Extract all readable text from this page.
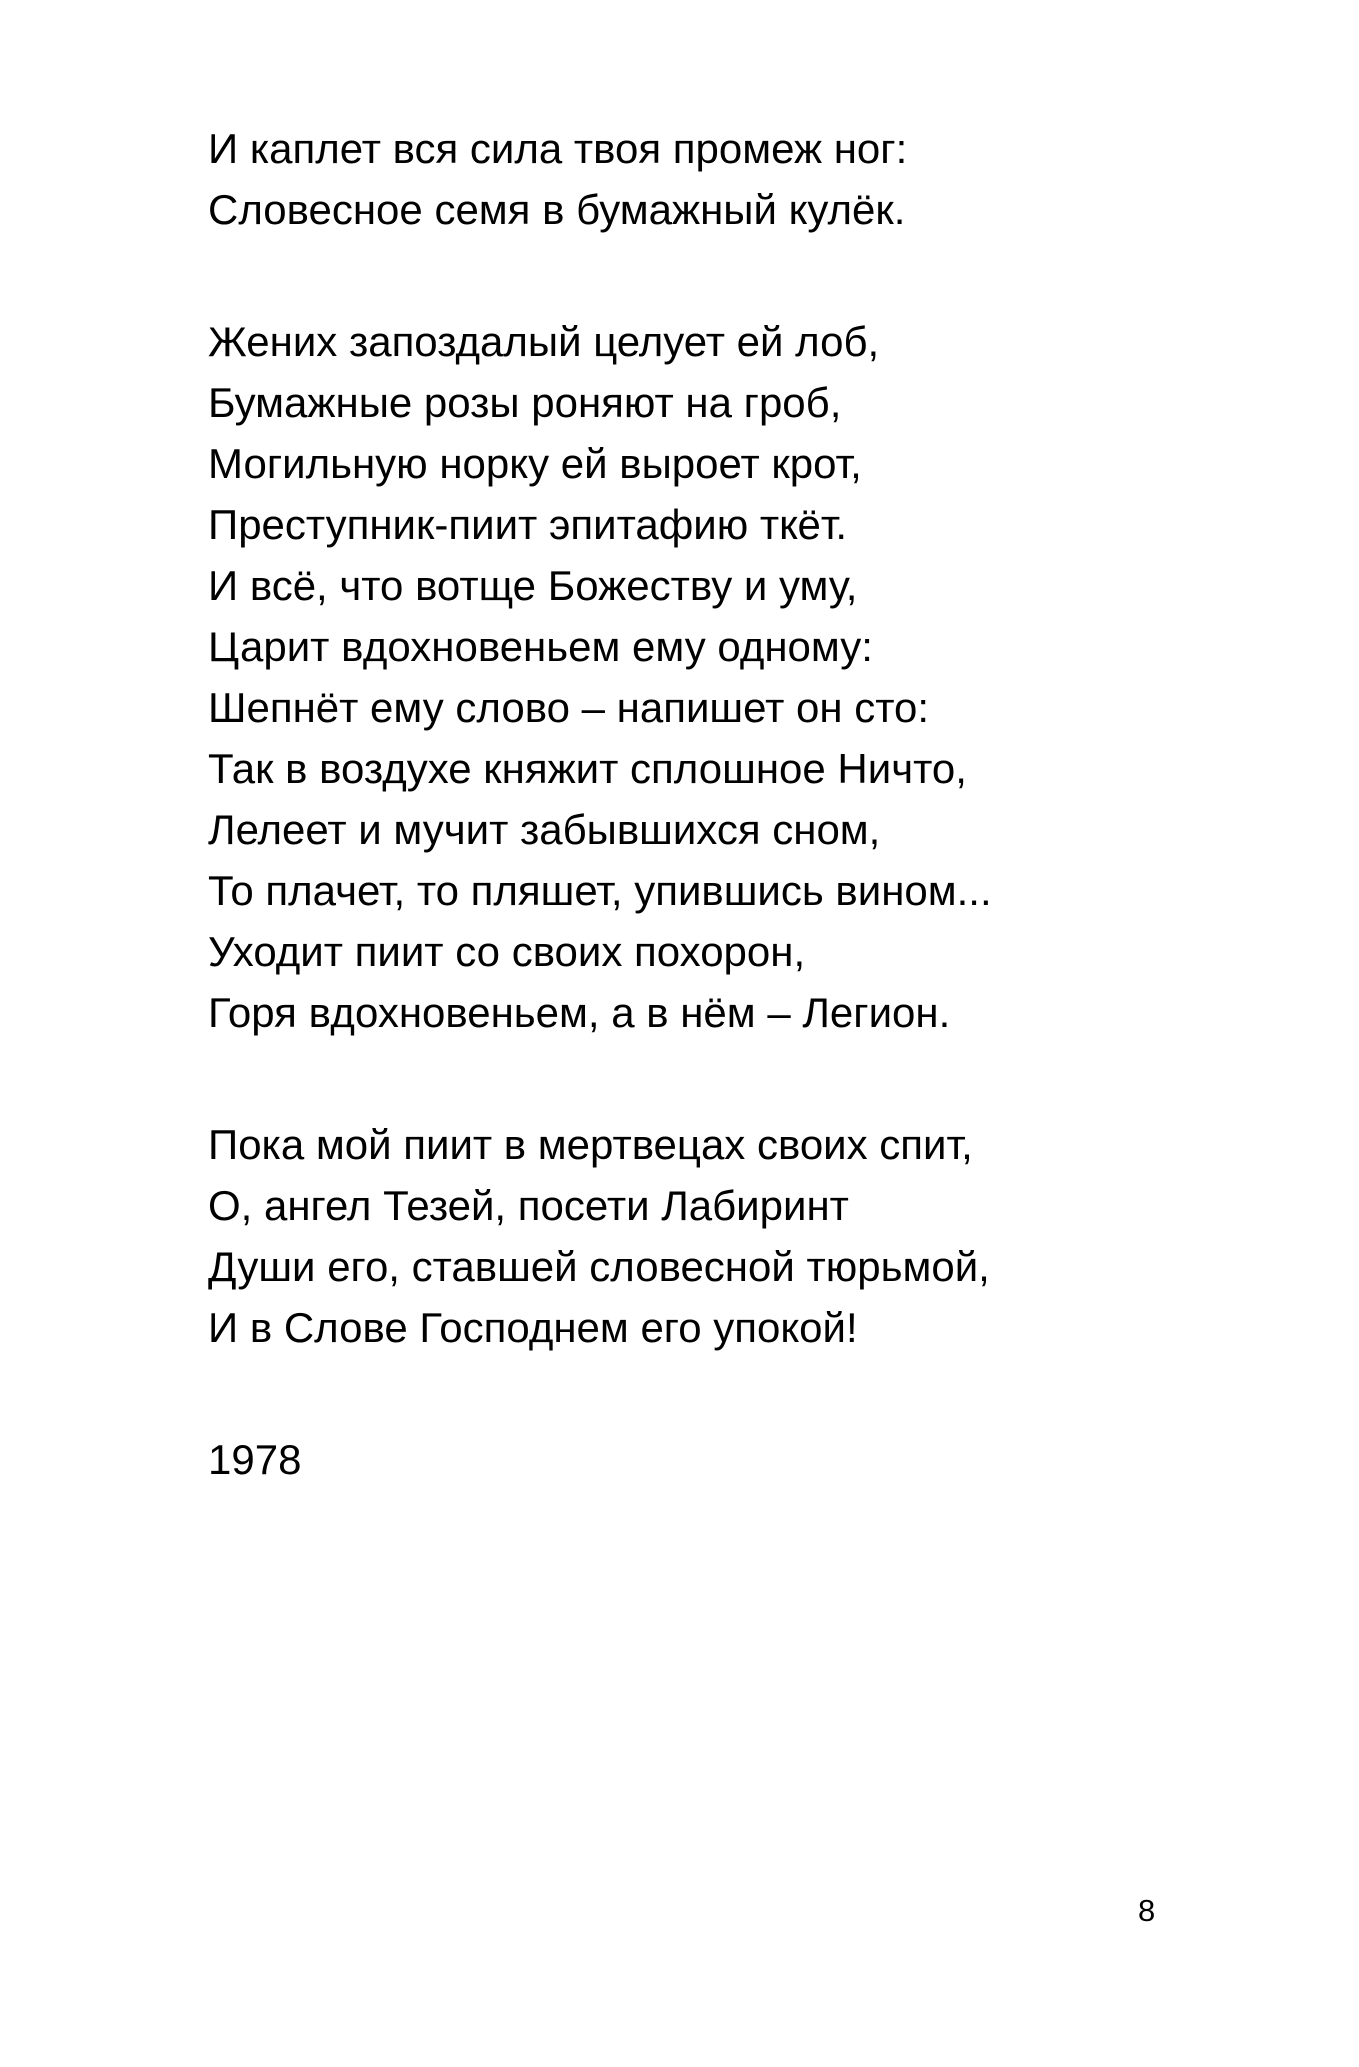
И каплет вся сила твоя промеж ног:
Словесное семя в бумажный кулёк.
Жених запоздалый целует ей лоб,
Бумажные розы роняют на гроб,
Могильную норку ей выроет крот,
Преступник-пиит эпитафию ткёт.
И всё, что вотще Божеству и уму,
Царит вдохновеньем ему одному:
Шепнёт ему слово – напишет он сто:
Так в воздухе княжит сплошное Ничто,
Лелеет и мучит забывшихся сном,
То плачет, то пляшет, упившись вином...
Уходит пиит со своих похорон,
Горя вдохновеньем, а в нём – Легион.
Пока мой пиит в мертвецах своих спит,
О, ангел Тезей, посети Лабиринт
Души его, ставшей словесной тюрьмой,
И в Слове Господнем его упокой!
1978
8
